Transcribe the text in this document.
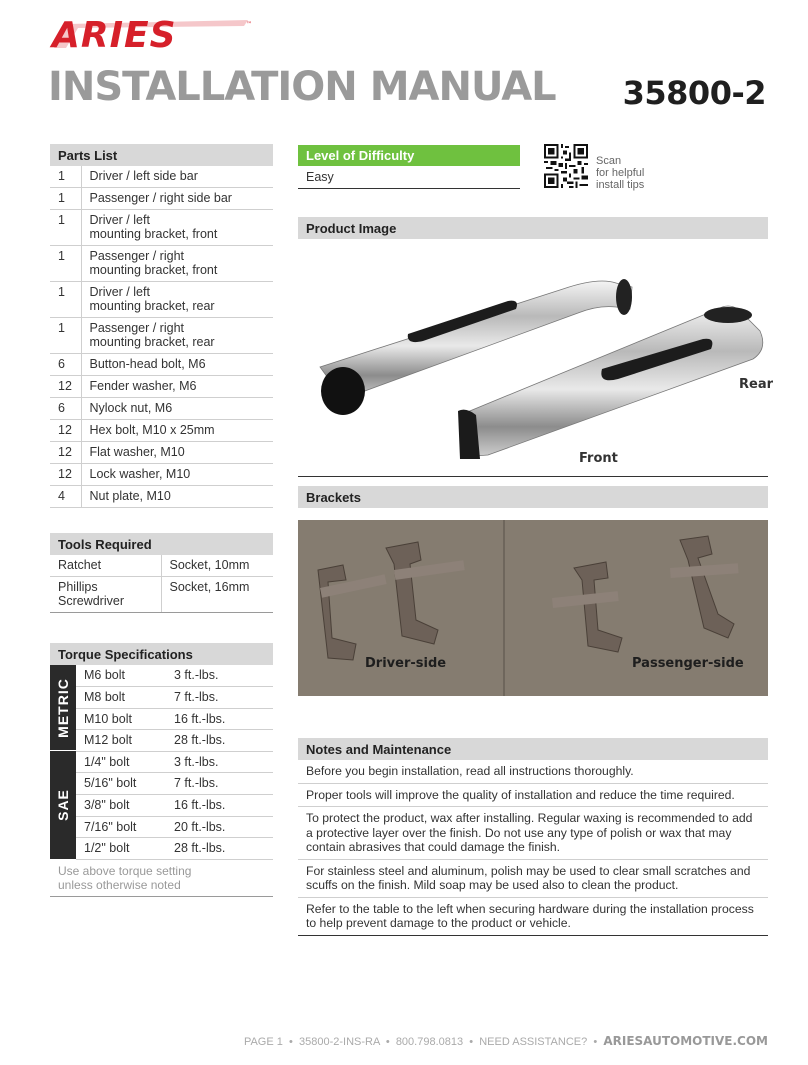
ARIES	™
INSTALLATION MANUAL 35800-2
Parts List
1	Driver / left side bar
1	Passenger / right side bar
1	Driver / left
mounting bracket, front
1	Passenger / right
mounting bracket, front
1	Driver / left
mounting bracket, rear
1	Passenger / right
mounting bracket, rear
6	Button-head bolt, M6
12	Fender washer, M6
6	Nylock nut, M6
12	Hex bolt, M10 x 25mm
12	Flat washer, M10
12	Lock washer, M10
4	Nut plate, M10
Tools Required
Ratchet	Socket, 10mm
Phillips
Screwdriver	Socket, 16mm
Torque Specifications
METRIC
SAE
M6 bolt	3 ft.-lbs.
M8 bolt	7 ft.-lbs.
M10 bolt	16 ft.-lbs.
M12 bolt	28 ft.-lbs.
1/4" bolt	3 ft.-lbs.
5/16" bolt	7 ft.-lbs.
3/8" bolt	16 ft.-lbs.
7/16" bolt	20 ft.-lbs.
1/2" bolt	28 ft.-lbs.
Use above torque setting
unless otherwise noted
Level of Difficulty
Easy
Scan
for helpful
install tips
Product Image
Rear
Front
Brackets
Driver-side	Passenger-side
Notes and Maintenance

Before you begin installation, read all instructions thoroughly.

Proper tools will improve the quality of installation and reduce the time required.

To protect the product, wax after installing. Regular waxing is recommended to add a protective layer over the finish. Do not use any type of polish or wax that may contain abrasives that could damage the finish.

For stainless steel and aluminum, polish may be used to clear small scratches and scuffs on the finish. Mild soap may be used also to clean the product.

Refer to the table to the left when securing hardware during the installation process to help prevent damage to the product or vehicle.

PAGE 1 • 35800-2-INS-RA • 800.798.0813 • NEED ASSISTANCE? • ARIESAUTOMOTIVE.COM
